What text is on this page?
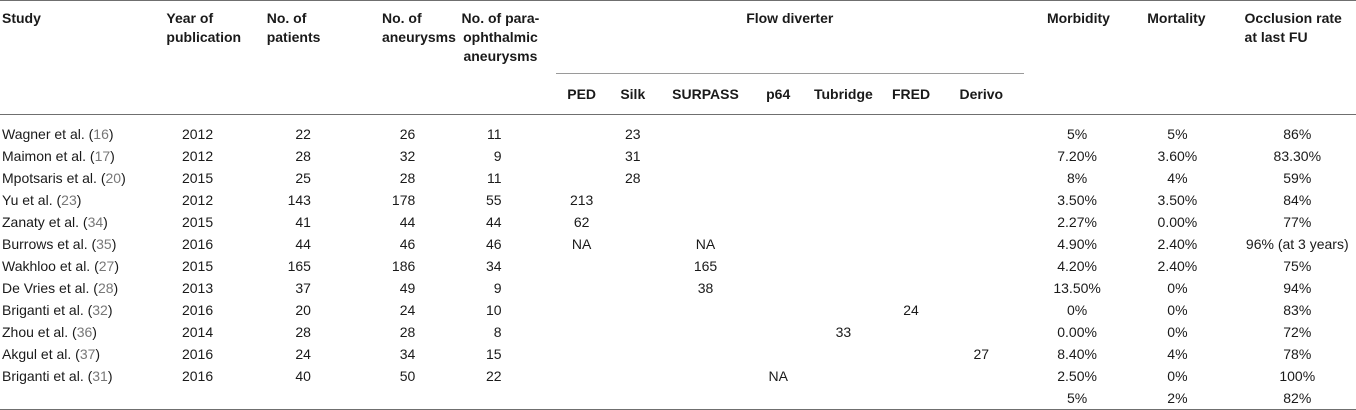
Study	Year of publication	No. of patients	No. of aneurysms	No. of para-ophthalmic aneurysms	Flow diverter							Morbidity	Mortality	Occlusion rate at last FU
					PED	Silk	SURPASS	p64	Tubridge	FRED	Derivo			

Wagner et al. (16)	2012	22	26	11		23						5%	5%	86%
Maimon et al. (17)	2012	28	32	9		31						7.20%	3.60%	83.30%
Mpotsaris et al. (20)	2015	25	28	11		28						8%	4%	59%
Yu et al. (23)	2012	143	178	55	213							3.50%	3.50%	84%
Zanaty et al. (34)	2015	41	44	44	62							2.27%	0.00%	77%
Burrows et al. (35)	2016	44	46	46	NA		NA					4.90%	2.40%	96% (at 3 years)
Wakhloo et al. (27)	2015	165	186	34			165					4.20%	2.40%	75%
De Vries et al. (28)	2013	37	49	9			38					13.50%	0%	94%
Briganti et al. (32)	2016	20	24	10						24		0%	0%	83%
Zhou et al. (36)	2014	28	28	8					33			0.00%	0%	72%
Akgul et al. (37)	2016	24	34	15							27	8.40%	4%	78%
Briganti et al. (31)	2016	40	50	22				NA				2.50%	0%	100%
												5%	2%	82%
